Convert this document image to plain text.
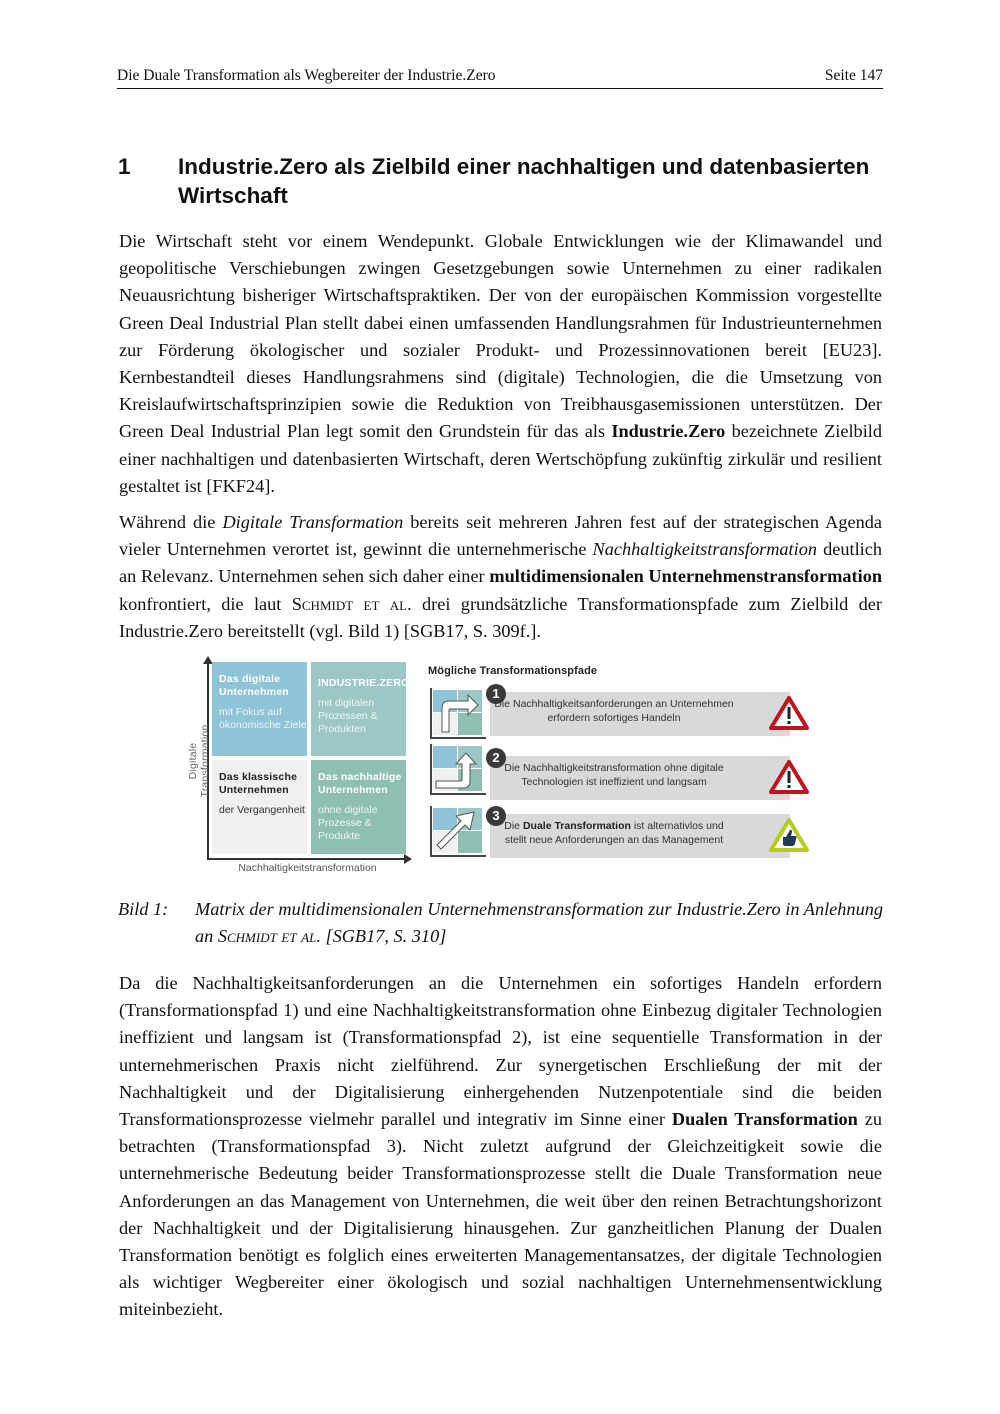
Die Duale Transformation als Wegbereiter der Industrie.Zero	Seite 147
1 Industrie.Zero als Zielbild einer nachhaltigen und datenbasierten Wirtschaft

Die Wirtschaft steht vor einem Wendepunkt. Globale Entwicklungen wie der Klimawandel und geopolitische Verschiebungen zwingen Gesetzgebungen sowie Unternehmen zu einer radikalen Neuausrichtung bisheriger Wirtschaftspraktiken. Der von der europäischen Kommission vorgestellte Green Deal Industrial Plan stellt dabei einen umfassenden Handlungsrahmen für Industrieunternehmen zur Förderung ökologischer und sozialer Produkt- und Prozessinnovationen bereit [EU23]. Kernbestandteil dieses Handlungsrahmens sind (digitale) Technologien, die die Umsetzung von Kreislaufwirtschaftsprinzipien sowie die Reduktion von Treibhausgasemissionen unterstützen. Der Green Deal Industrial Plan legt somit den Grundstein für das als Industrie.Zero bezeichnete Zielbild einer nachhaltigen und datenbasierten Wirtschaft, deren Wertschöpfung zukünftig zirkulär und resilient gestaltet ist [FKF24].

Während die Digitale Transformation bereits seit mehreren Jahren fest auf der strategischen Agenda vieler Unternehmen verortet ist, gewinnt die unternehmerische Nachhaltigkeitstransformation deutlich an Relevanz. Unternehmen sehen sich daher einer multidimensionalen Unternehmenstransformation konfrontiert, die laut Schmidt et al. drei grundsätzliche Transformationspfade zum Zielbild der Industrie.Zero bereitstellt (vgl. Bild 1) [SGB17, S. 309f.].

Digitale Transformation
Nachhaltigkeitstransformation
Das digitale Unternehmen
mit Fokus auf ökonomische Ziele
INDUSTRIE.ZERO
mit digitalen Prozessen & Produkten
Das klassische Unternehmen
der Vergangenheit
Das nachhaltige Unternehmen
ohne digitale Prozesse & Produkte
Mögliche Transformationspfade
1
Die Nachhaltigkeitsanforderungen an Unternehmen erfordern sofortiges Handeln
2
Die Nachhaltigkeitstransformation ohne digitale Technologien ist ineffizient und langsam
3
Die Duale Transformation ist alternativlos und stellt neue Anforderungen an das Management
Bild 1: Matrix der multidimensionalen Unternehmenstransformation zur Industrie.Zero in Anlehnung an Schmidt et al. [SGB17, S. 310]

Da die Nachhaltigkeitsanforderungen an die Unternehmen ein sofortiges Handeln erfordern (Transformationspfad 1) und eine Nachhaltigkeitstransformation ohne Einbezug digitaler Technologien ineffizient und langsam ist (Transformationspfad 2), ist eine sequentielle Transformation in der unternehmerischen Praxis nicht zielführend. Zur synergetischen Erschließung der mit der Nachhaltigkeit und der Digitalisierung einhergehenden Nutzenpotentiale sind die beiden Transformationsprozesse vielmehr parallel und integrativ im Sinne einer Dualen Transformation zu betrachten (Transformationspfad 3). Nicht zuletzt aufgrund der Gleichzeitigkeit sowie die unternehmerische Bedeutung beider Transformationsprozesse stellt die Duale Transformation neue Anforderungen an das Management von Unternehmen, die weit über den reinen Betrachtungshorizont der Nachhaltigkeit und der Digitalisierung hinausgehen. Zur ganzheitlichen Planung der Dualen Transformation benötigt es folglich eines erweiterten Managementansatzes, der digitale Technologien als wichtiger Wegbereiter einer ökologisch und sozial nachhaltigen Unternehmensentwicklung miteinbezieht.
